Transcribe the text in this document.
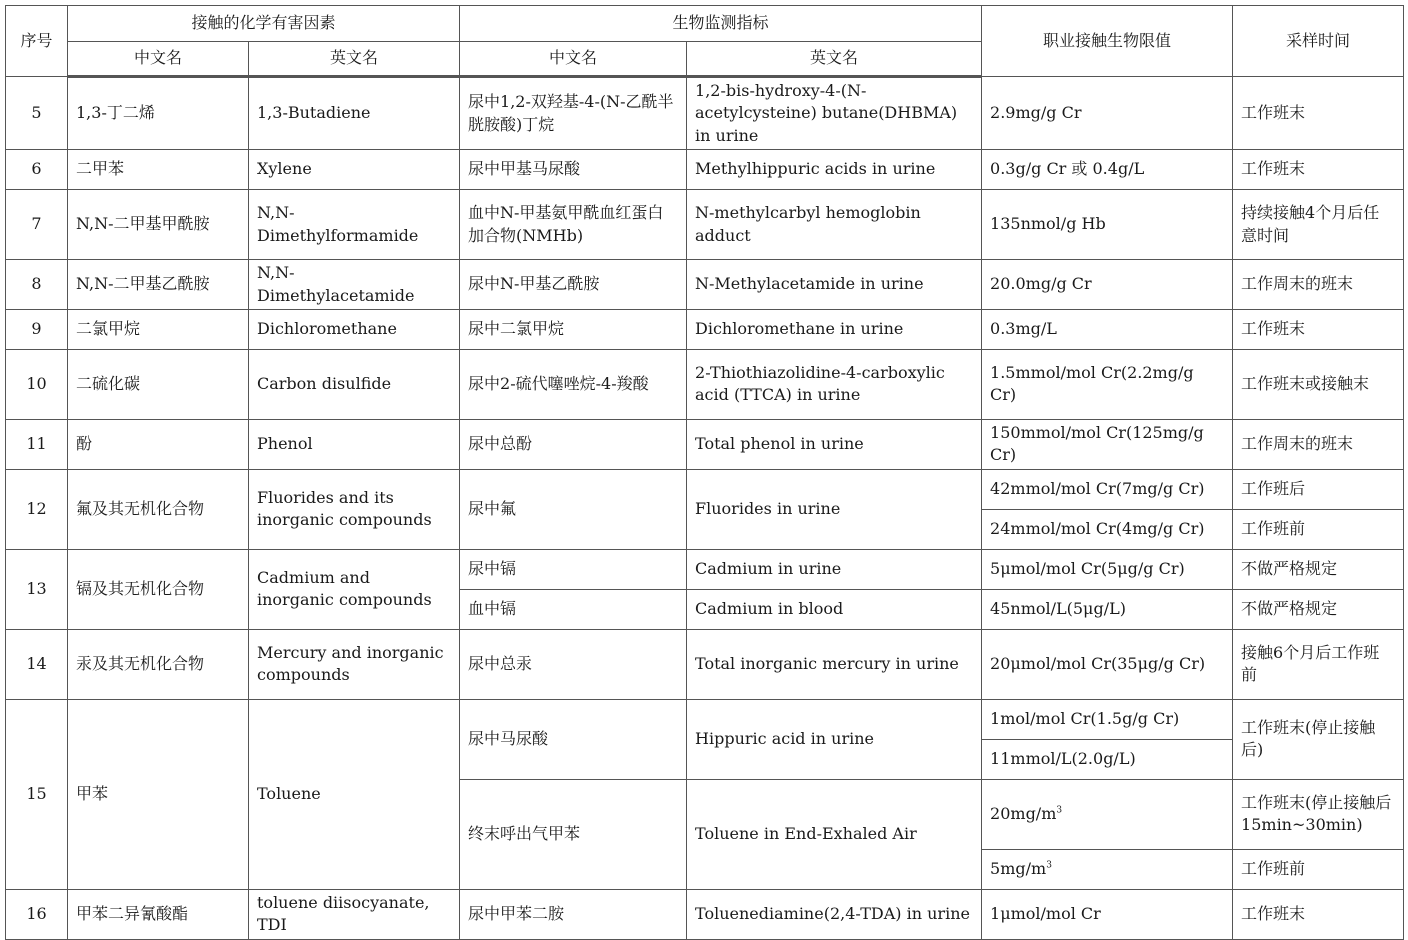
序号	接触的化学有害因素		生物监测指标		职业接触生物限值	采样时间
	中文名	英文名	中文名	英文名		
5	1,3-丁二烯	1,3-Butadiene	尿中1,2-双羟基-4-(N-乙酰半胱胺酸)丁烷	1,2-bis-hydroxy-4-(N-acetylcysteine) butane(DHBMA) in urine	2.9mg/g Cr	工作班末
6	二甲苯	Xylene	尿中甲基马尿酸	Methylhippuric acids in urine	0.3g/g Cr 或 0.4g/L	工作班末
7	N,N-二甲基甲酰胺	N,N-Dimethylformamide	血中N-甲基氨甲酰血红蛋白加合物(NMHb)	N-methylcarbyl hemoglobin adduct	135nmol/g Hb	持续接触4个月后任意时间
8	N,N-二甲基乙酰胺	N,N-Dimethylacetamide	尿中N-甲基乙酰胺	N-Methylacetamide in urine	20.0mg/g Cr	工作周末的班末
9	二氯甲烷	Dichloromethane	尿中二氯甲烷	Dichloromethane in urine	0.3mg/L	工作班末
10	二硫化碳	Carbon disulfide	尿中2-硫代噻唑烷-4-羧酸	2-Thiothiazolidine-4-carboxylic acid (TTCA) in urine	1.5mmol/mol Cr(2.2mg/g Cr)	工作班末或接触末
11	酚	Phenol	尿中总酚	Total phenol in urine	150mmol/mol Cr(125mg/g Cr)	工作周末的班末
12	氟及其无机化合物	Fluorides and its inorganic compounds	尿中氟	Fluorides in urine	42mmol/mol Cr(7mg/g Cr)	工作班后
					24mmol/mol Cr(4mg/g Cr)	工作班前
13	镉及其无机化合物	Cadmium and inorganic compounds	尿中镉	Cadmium in urine	5μmol/mol Cr(5μg/g Cr)	不做严格规定
			血中镉	Cadmium in blood	45nmol/L(5μg/L)	不做严格规定
14	汞及其无机化合物	Mercury and inorganic compounds	尿中总汞	Total inorganic mercury in urine	20μmol/mol Cr(35μg/g Cr)	接触6个月后工作班前
15	甲苯	Toluene	尿中马尿酸	Hippuric acid in urine	1mol/mol Cr(1.5g/g Cr)	工作班末(停止接触后)
					11mmol/L(2.0g/L)	
			终末呼出气甲苯	Toluene in End-Exhaled Air	$20mg/m^3$	工作班末(停止接触后15min~30min)
					$5mg/m^3$	工作班前
16	甲苯二异氰酸酯	toluene diisocyanate, TDI	尿中甲苯二胺	Toluenediamine(2,4-TDA) in urine	1μmol/mol Cr	工作班末
